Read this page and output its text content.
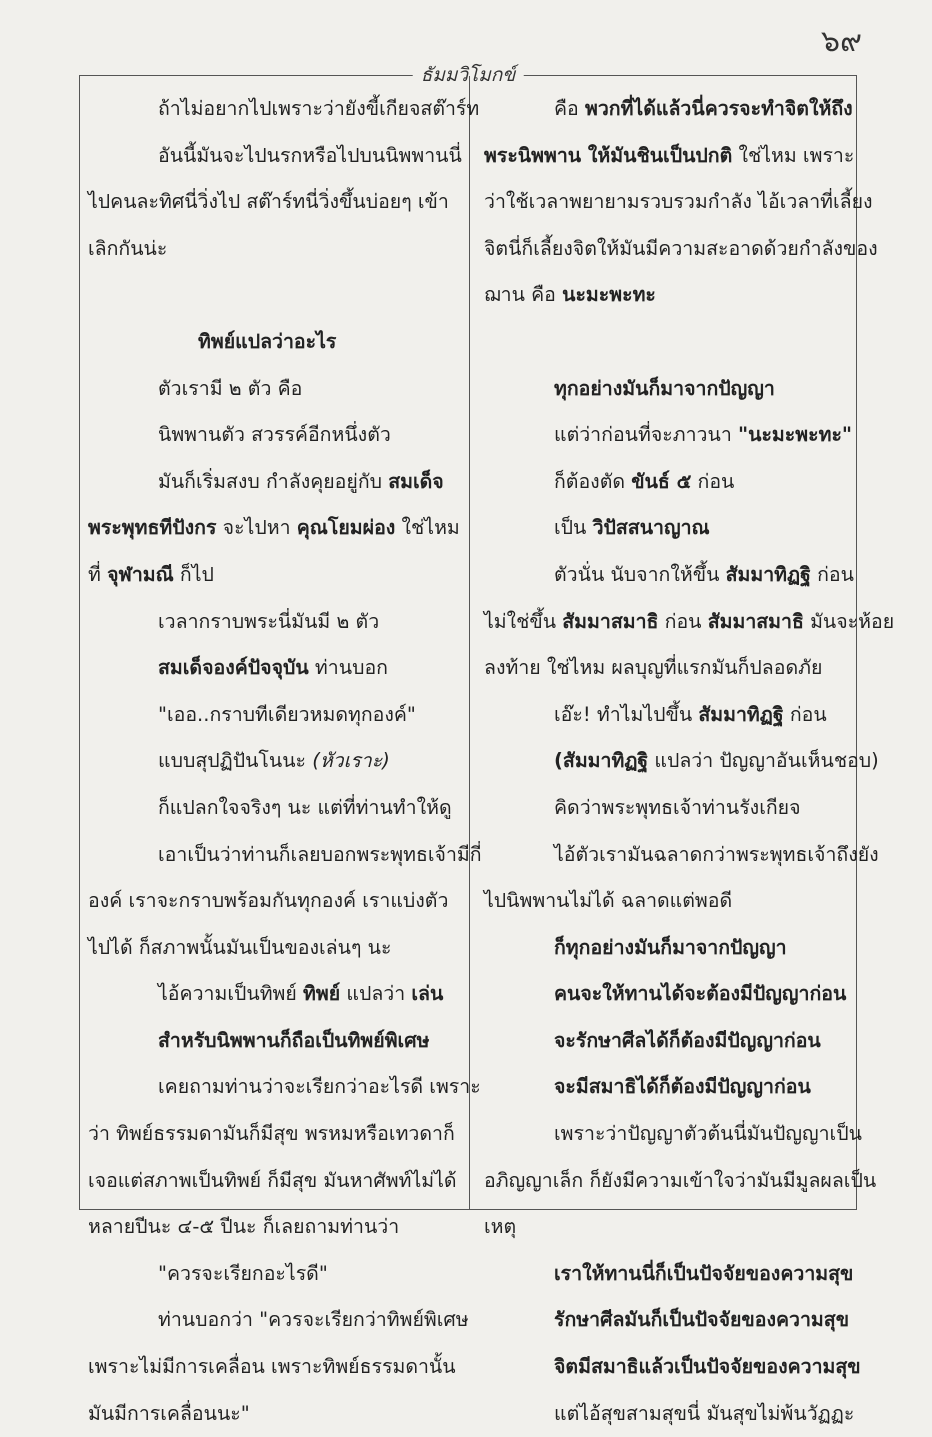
๖๙
ธัมมวิโมกข์
ถ้าไม่อยากไปเพราะว่ายังขี้เกียจสต๊าร์ท
อันนี้มันจะไปนรกหรือไปบนนิพพานนี่
ไปคนละทิศนี่วิ่งไป สต๊าร์ทนี่วิ่งขึ้นบ่อยๆ เข้า
เลิกกันน่ะ
ทิพย์แปลว่าอะไร
ตัวเรามี ๒ ตัว คือ
นิพพานตัว สวรรค์อีกหนึ่งตัว
มันก็เริ่มสงบ กำลังคุยอยู่กับ สมเด็จ
พระพุทธทีปังกร จะไปหา คุณโยมผ่อง ใช่ไหม
ที่ จุฬามณี ก็ไป
เวลากราบพระนี่มันมี ๒ ตัว
สมเด็จองค์ปัจจุบัน ท่านบอก
"เออ..กราบทีเดียวหมดทุกองค์"
แบบสุปฏิปันโนนะ (หัวเราะ)
ก็แปลกใจจริงๆ นะ แต่ที่ท่านทำให้ดู
เอาเป็นว่าท่านก็เลยบอกพระพุทธเจ้ามีกี่
องค์ เราจะกราบพร้อมกันทุกองค์ เราแบ่งตัว
ไปได้ ก็สภาพนั้นมันเป็นของเล่นๆ นะ
ไอ้ความเป็นทิพย์ ทิพย์ แปลว่า เล่น
สำหรับนิพพานก็ถือเป็นทิพย์พิเศษ
เคยถามท่านว่าจะเรียกว่าอะไรดี เพราะ
ว่า ทิพย์ธรรมดามันก็มีสุข พรหมหรือเทวดาก็
เจอแต่สภาพเป็นทิพย์ ก็มีสุข มันหาศัพท์ไม่ได้
หลายปีนะ ๔-๕ ปีนะ ก็เลยถามท่านว่า
"ควรจะเรียกอะไรดี"
ท่านบอกว่า "ควรจะเรียกว่าทิพย์พิเศษ
เพราะไม่มีการเคลื่อน เพราะทิพย์ธรรมดานั้น
มันมีการเคลื่อนนะ"
คือ พวกที่ได้แล้วนี่ควรจะทำจิตให้ถึง
พระนิพพาน ให้มันชินเป็นปกติ ใช่ไหม เพราะ
ว่าใช้เวลาพยายามรวบรวมกำลัง ไอ้เวลาที่เลี้ยง
จิตนี่ก็เลี้ยงจิตให้มันมีความสะอาดด้วยกำลังของ
ฌาน คือ นะมะพะทะ
ทุกอย่างมันก็มาจากปัญญา
แต่ว่าก่อนที่จะภาวนา "นะมะพะทะ"
ก็ต้องตัด ขันธ์ ๕ ก่อน
เป็น วิปัสสนาญาณ
ตัวนั่น นับจากให้ขึ้น สัมมาทิฏฐิ ก่อน
ไม่ใช่ขึ้น สัมมาสมาธิ ก่อน สัมมาสมาธิ มันจะห้อย
ลงท้าย ใช่ไหม ผลบุญที่แรกมันก็ปลอดภัย
เอ๊ะ! ทำไมไปขึ้น สัมมาทิฏฐิ ก่อน
(สัมมาทิฏฐิ แปลว่า ปัญญาอันเห็นชอบ)
คิดว่าพระพุทธเจ้าท่านรังเกียจ
ไอ้ตัวเรามันฉลาดกว่าพระพุทธเจ้าถึงยัง
ไปนิพพานไม่ได้ ฉลาดแต่พอดี
ก็ทุกอย่างมันก็มาจากปัญญา
คนจะให้ทานได้จะต้องมีปัญญาก่อน
จะรักษาศีลได้ก็ต้องมีปัญญาก่อน
จะมีสมาธิได้ก็ต้องมีปัญญาก่อน
เพราะว่าปัญญาตัวต้นนี่มันปัญญาเป็น
อภิญญาเล็ก ก็ยังมีความเข้าใจว่ามันมีมูลผลเป็น
เหตุ
เราให้ทานนี่ก็เป็นปัจจัยของความสุข
รักษาศีลมันก็เป็นปัจจัยของความสุข
จิตมีสมาธิแล้วเป็นปัจจัยของความสุข
แต่ไอ้สุขสามสุขนี่ มันสุขไม่พ้นวัฏฏะ
